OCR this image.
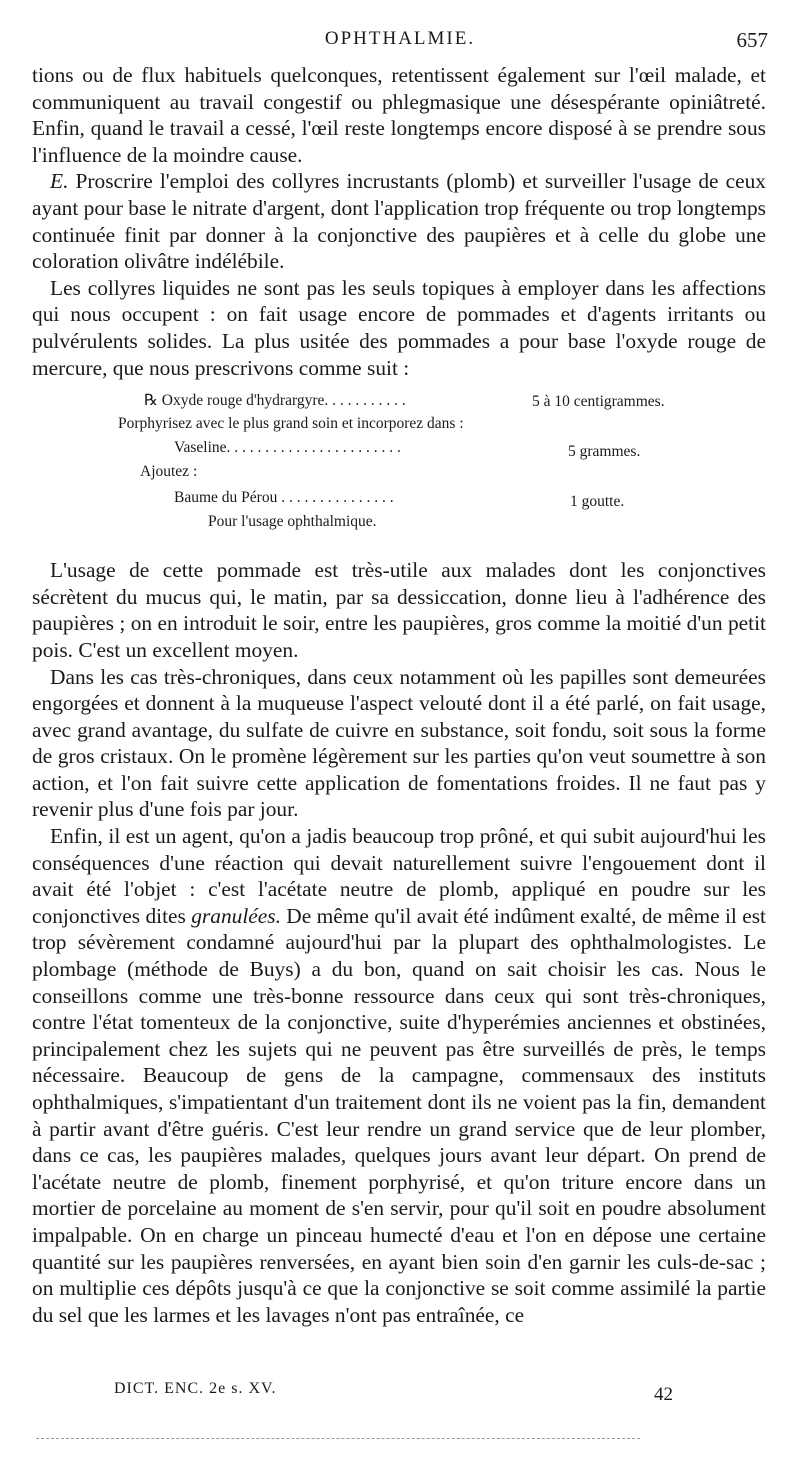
OPHTHALMIE.	657

tions ou de flux habituels quelconques, retentissent également sur l'œil malade, et communiquent au travail congestif ou phlegmasique une désespérante opiniâtreté. Enfin, quand le travail a cessé, l'œil reste longtemps encore disposé à se prendre sous l'influence de la moindre cause.

E. Proscrire l'emploi des collyres incrustants (plomb) et surveiller l'usage de ceux ayant pour base le nitrate d'argent, dont l'application trop fréquente ou trop longtemps continuée finit par donner à la conjonctive des paupières et à celle du globe une coloration olivâtre indélébile.

Les collyres liquides ne sont pas les seuls topiques à employer dans les affections qui nous occupent : on fait usage encore de pommades et d'agents irritants ou pulvérulents solides. La plus usitée des pommades a pour base l'oxyde rouge de mercure, que nous prescrivons comme suit :

℞ Oxyde rouge d'hydrargyre. . . . . . . . . . .	5 à 10 centigrammes.
Porphyrisez avec le plus grand soin et incorporez dans :
Vaseline. . . . . . . . . . . . . . . . . . . . . . .	5 grammes.
Ajoutez :
Baume du Pérou . . . . . . . . . . . . . . .	1 goutte.
Pour l'usage ophthalmique.

L'usage de cette pommade est très-utile aux malades dont les conjonctives sécrètent du mucus qui, le matin, par sa dessiccation, donne lieu à l'adhérence des paupières ; on en introduit le soir, entre les paupières, gros comme la moitié d'un petit pois. C'est un excellent moyen.

Dans les cas très-chroniques, dans ceux notamment où les papilles sont demeurées engorgées et donnent à la muqueuse l'aspect velouté dont il a été parlé, on fait usage, avec grand avantage, du sulfate de cuivre en substance, soit fondu, soit sous la forme de gros cristaux. On le promène légèrement sur les parties qu'on veut soumettre à son action, et l'on fait suivre cette application de fomentations froides. Il ne faut pas y revenir plus d'une fois par jour.

Enfin, il est un agent, qu'on a jadis beaucoup trop prôné, et qui subit aujourd'hui les conséquences d'une réaction qui devait naturellement suivre l'engouement dont il avait été l'objet : c'est l'acétate neutre de plomb, appliqué en poudre sur les conjonctives dites granulées. De même qu'il avait été indûment exalté, de même il est trop sévèrement condamné aujourd'hui par la plupart des ophthalmologistes. Le plombage (méthode de Buys) a du bon, quand on sait choisir les cas. Nous le conseillons comme une très-bonne ressource dans ceux qui sont très-chroniques, contre l'état tomenteux de la conjonctive, suite d'hyperémies anciennes et obstinées, principalement chez les sujets qui ne peuvent pas être surveillés de près, le temps nécessaire. Beaucoup de gens de la campagne, commensaux des instituts ophthalmiques, s'impatientant d'un traitement dont ils ne voient pas la fin, demandent à partir avant d'être guéris. C'est leur rendre un grand service que de leur plomber, dans ce cas, les paupières malades, quelques jours avant leur départ. On prend de l'acétate neutre de plomb, finement porphyrisé, et qu'on triture encore dans un mortier de porcelaine au moment de s'en servir, pour qu'il soit en poudre absolument impalpable. On en charge un pinceau humecté d'eau et l'on en dépose une certaine quantité sur les paupières renversées, en ayant bien soin d'en garnir les culs-de-sac ; on multiplie ces dépôts jusqu'à ce que la conjonctive se soit comme assimilé la partie du sel que les larmes et les lavages n'ont pas entraînée, ce

DICT. ENC. 2e s. XV.	42
